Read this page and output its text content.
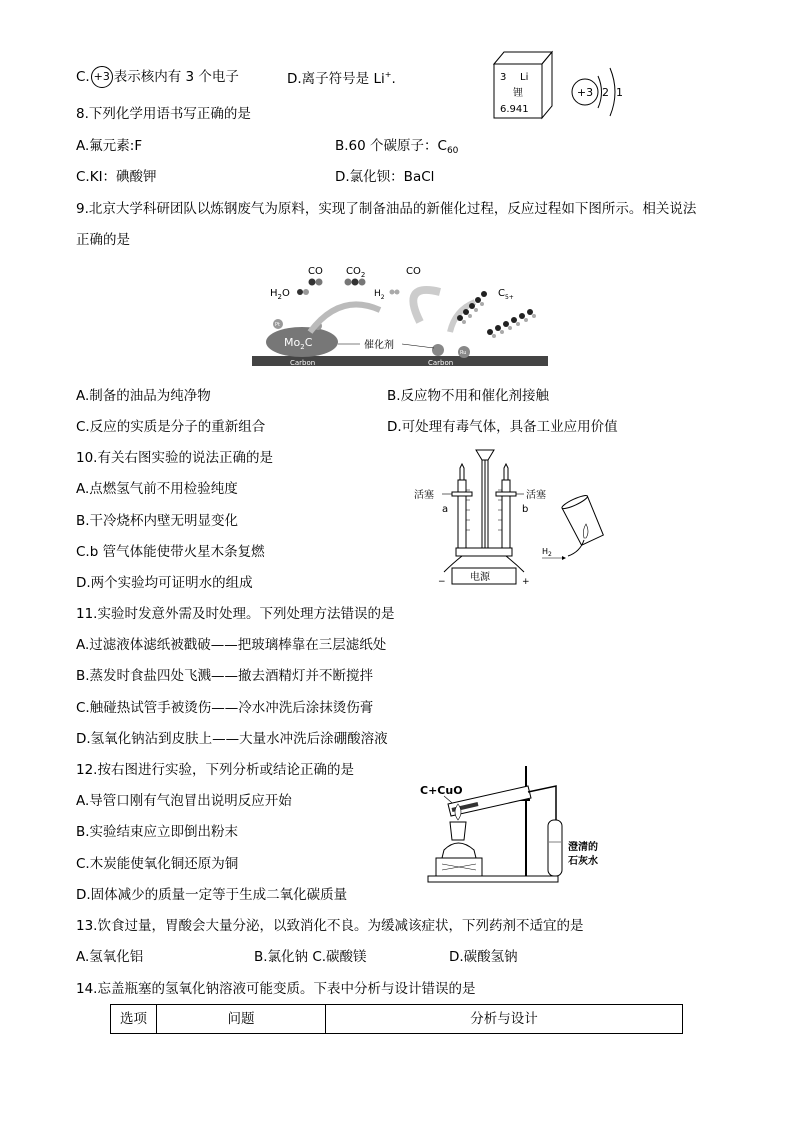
C. +3 表示核内有 3 个电子	D.离子符号是 Li+.	3 Li
锂
6.941
+3 2 1
8.下列化学用语书写正确的是
A.氟元素:F	B.60 个碳原子：$C_{60}$
C.KI：碘酸钾	D.氯化钡：BaCl
9.北京大学科研团队以炼钢废气为原料，实现了制备油品的新催化过程，反应过程如下图所示。相关说法
正确的是
Carbon	Carbon
$Mo_2C$
Pt
Ru
催化剂
$H_2O$
CO $CO_2$
$H_2$
CO
$C_{5+}$
A.制备的油品为纯净物	B.反应物不用和催化剂接触
C.反应的实质是分子的重新组合	D.可处理有毒气体，具备工业应用价值
10.有关右图实验的说法正确的是
A.点燃氢气前不用检验纯度
B.干冷烧杯内壁无明显变化
C.b 管气体能使带火星木条复燃
D.两个实验均可证明水的组成
活塞	活塞
a	b
电源
−	+
$H_2$
11.实验时发意外需及时处理。下列处理方法错误的是
A.过滤液体滤纸被戳破——把玻璃棒靠在三层滤纸处
B.蒸发时食盐四处飞溅——撤去酒精灯并不断搅拌
C.触碰热试管手被烫伤——冷水冲洗后涂抹烫伤膏
D.氢氧化钠沾到皮肤上——大量水冲洗后涂硼酸溶液
12.按右图进行实验，下列分析或结论正确的是
A.导管口刚有气泡冒出说明反应开始
B.实验结束应立即倒出粉末
C.木炭能使氧化铜还原为铜
D.固体减少的质量一定等于生成二氧化碳质量
C+CuO
澄清的
石灰水
13.饮食过量，胃酸会大量分泌，以致消化不良。为缓减该症状，下列药剂不适宜的是
A.氢氧化铝	B.氯化钠 C.碳酸镁	D.碳酸氢钠
14.忘盖瓶塞的氢氧化钠溶液可能变质。下表中分析与设计错误的是
选项	问题	分析与设计
